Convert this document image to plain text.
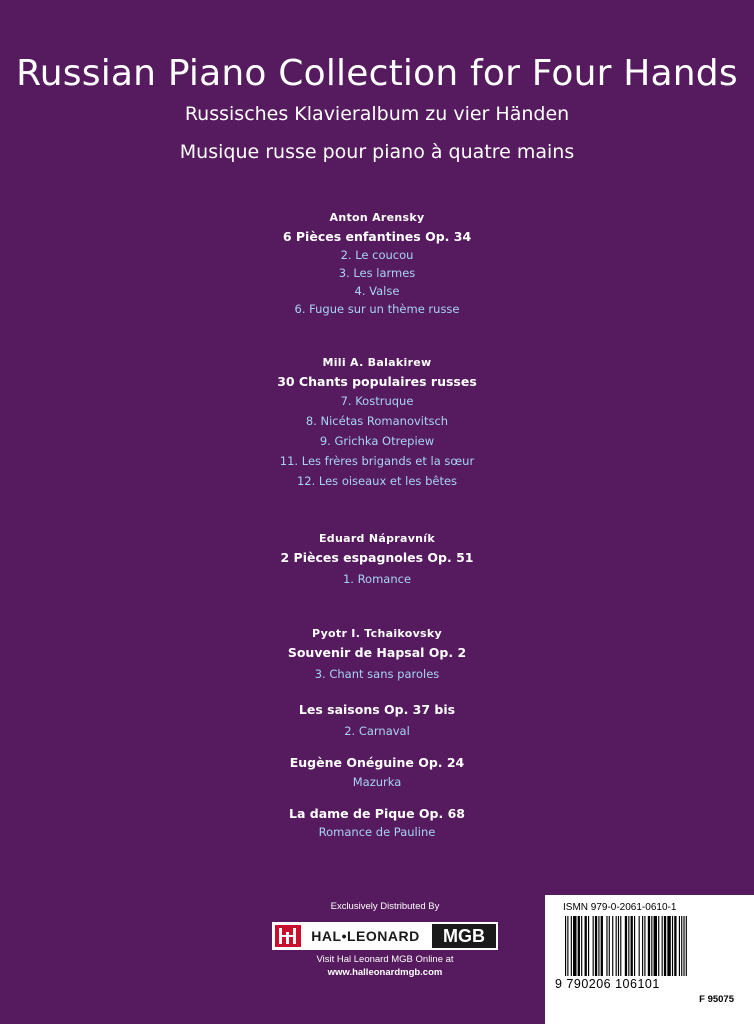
Russian Piano Collection for Four Hands
Russisches Klavieralbum zu vier Händen
Musique russe pour piano à quatre mains
Anton Arensky
6 Pièces enfantines Op. 34
2. Le coucou
3. Les larmes
4. Valse
6. Fugue sur un thème russe
Mili A. Balakirew
30 Chants populaires russes
7. Kostruque
8. Nicétas Romanovitsch
9. Grichka Otrepiew
11. Les frères brigands et la sœur
12. Les oiseaux et les bêtes
Eduard Nápravník
2 Pièces espagnoles Op. 51
1. Romance
Pyotr I. Tchaikovsky
Souvenir de Hapsal Op. 2
3. Chant sans paroles
Les saisons Op. 37 bis
2. Carnaval
Eugène Onéguine Op. 24
Mazurka
La dame de Pique Op. 68
Romance de Pauline
Exclusively Distributed By
HAL•LEONARD	MGB
Visit Hal Leonard MGB Online at
www.halleonardmgb.com
ISMN 979-0-2061-0610-1
9 790206 106101
F 95075
